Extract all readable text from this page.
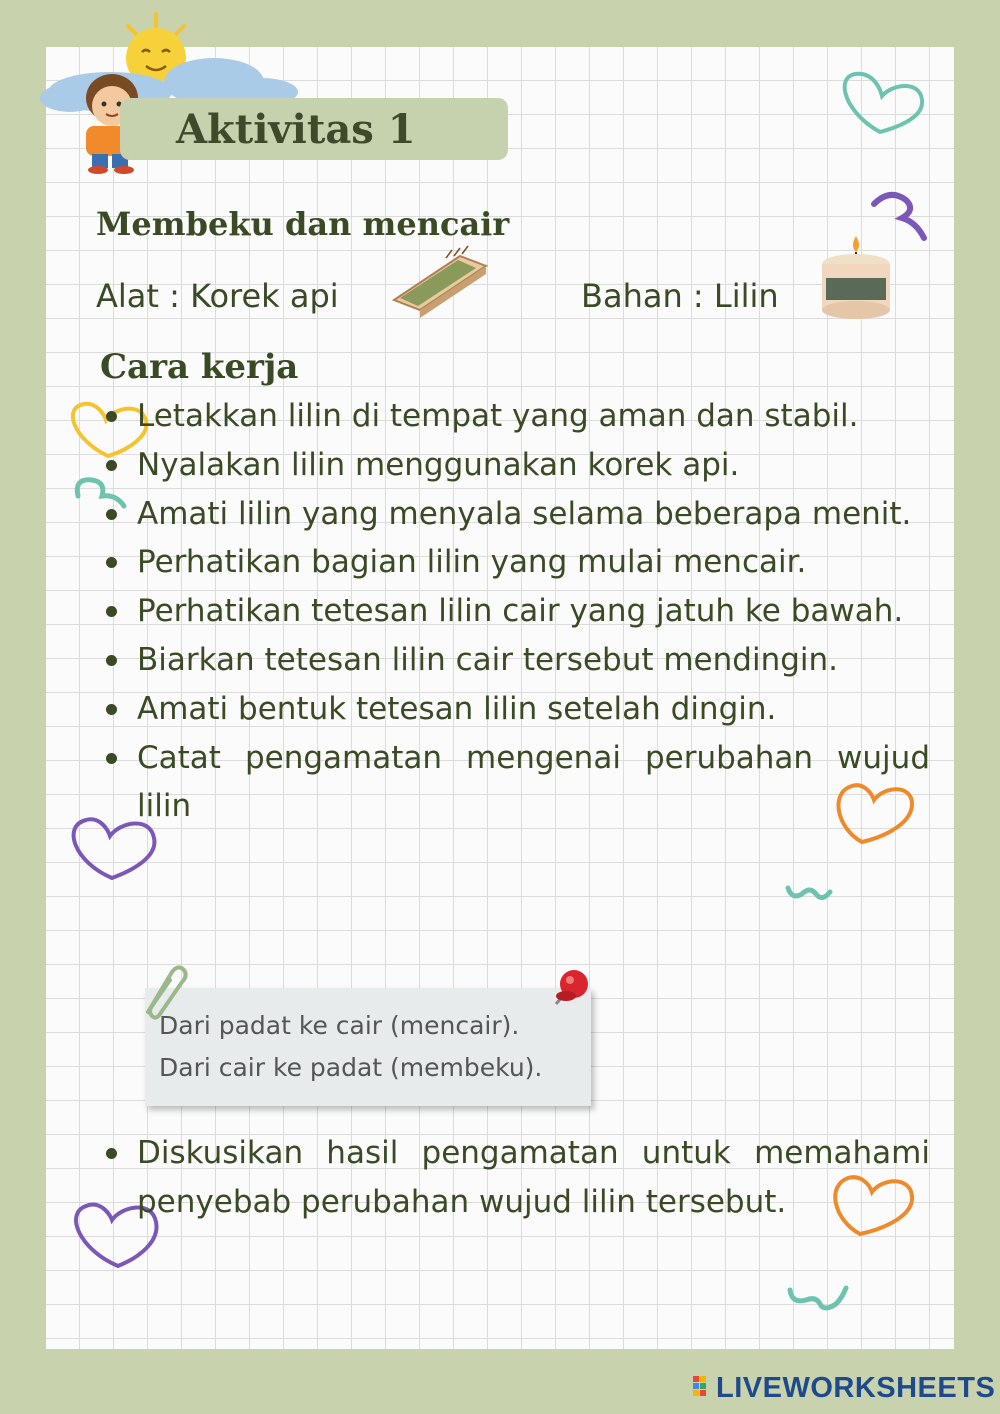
Aktivitas 1
Membeku dan mencair
Alat : Korek api	Bahan : Lilin
Cara kerja
Letakkan lilin di tempat yang aman dan stabil.
Nyalakan lilin menggunakan korek api.
Amati lilin yang menyala selama beberapa menit.
Perhatikan bagian lilin yang mulai mencair.
Perhatikan tetesan lilin cair yang jatuh ke bawah.
Biarkan tetesan lilin cair tersebut mendingin.
Amati bentuk tetesan lilin setelah dingin.
Catat pengamatan mengenai perubahan wujud lilin
Dari padat ke cair (mencair).
Dari cair ke padat (membeku).
Diskusikan hasil pengamatan untuk memahami penyebab perubahan wujud lilin tersebut.
LIVEWORKSHEETS
